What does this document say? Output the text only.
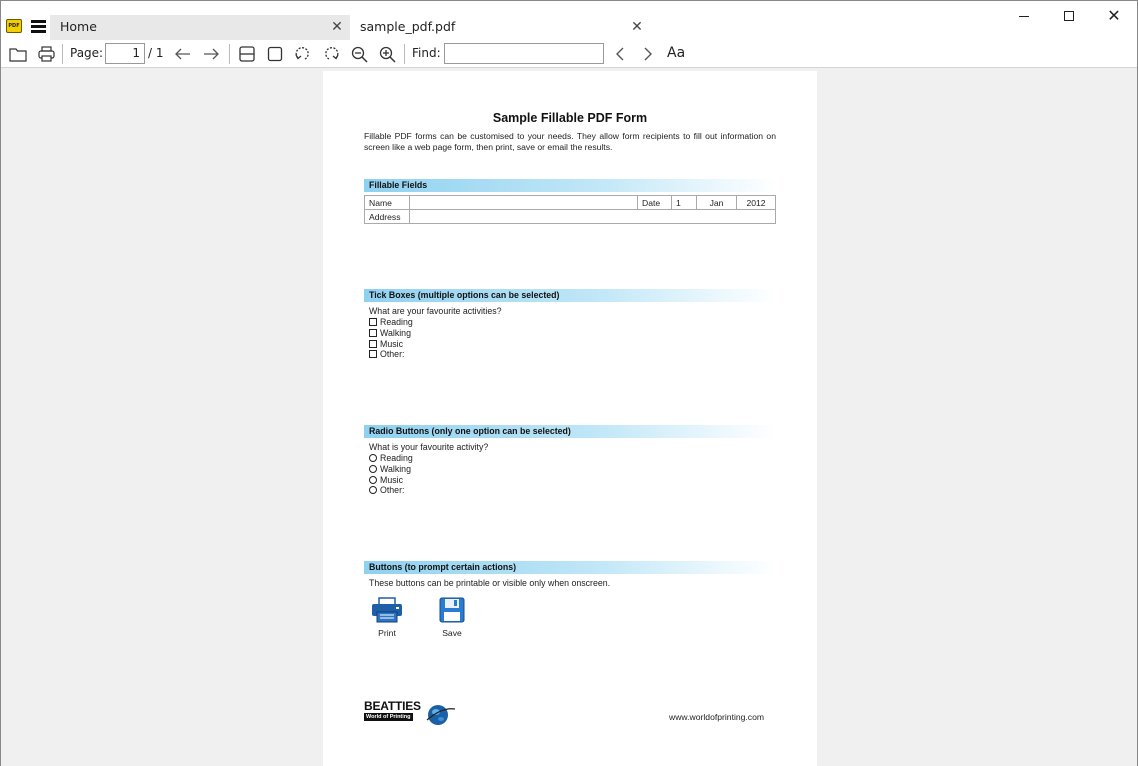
PDF	Home	✕	sample_pdf.pdf	✕
✕
Page:	1 / 1	Find:	Aa
Sample Fillable PDF Form
Fillable PDF forms can be customised to your needs. They allow form recipients to fill out information on screen like a web page form, then print, save or email the results.
Fillable Fields
Name		Date	1	Jan	2012
Address					
Tick Boxes (multiple options can be selected)
What are your favourite activities?
Reading
Walking
Music
Other:
Radio Buttons (only one option can be selected)
What is your favourite activity?
Reading
Walking
Music
Other:
Buttons (to prompt certain actions)
These buttons can be printable or visible only when onscreen.
Print	Save
BEATTIES
World of Printing	www.worldofprinting.com
